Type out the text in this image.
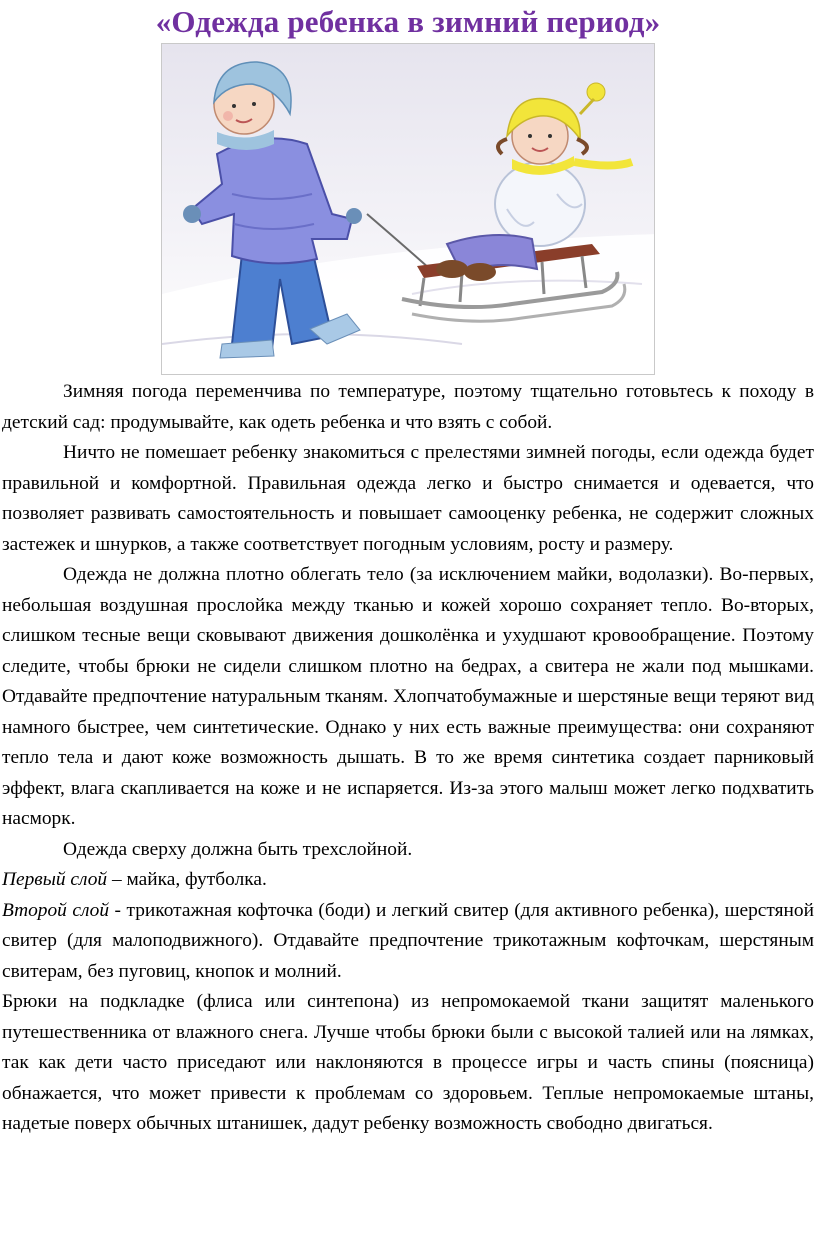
«Одежда ребенка в зимний период»

Зимняя погода переменчива по температуре, поэтому тщательно готовьтесь к походу в детский сад: продумывайте, как одеть ребенка и что взять с собой.

Ничто не помешает ребенку знакомиться с прелестями зимней погоды, если одежда будет правильной и комфортной. Правильная одежда легко и быстро снимается и одевается, что позволяет развивать самостоятельность и повышает самооценку ребенка, не содержит сложных застежек и шнурков, а также соответствует погодным условиям, росту и размеру.

Одежда не должна плотно облегать тело (за исключением майки, водолазки). Во-первых, небольшая воздушная прослойка между тканью и кожей хорошо сохраняет тепло. Во-вторых, слишком тесные вещи сковывают движения дошколёнка и ухудшают кровообращение. Поэтому следите, чтобы брюки не сидели слишком плотно на бедрах, а свитера не жали под мышками. Отдавайте предпочтение натуральным тканям. Хлопчатобумажные и шерстяные вещи теряют вид намного быстрее, чем синтетические. Однако у них есть важные преимущества: они сохраняют тепло тела и дают коже возможность дышать. В то же время синтетика создает парниковый эффект, влага скапливается на коже и не испаряется. Из-за этого малыш может легко подхватить насморк.

Одежда сверху должна быть трехслойной.

Первый слой – майка, футболка.

Второй слой - трикотажная кофточка (боди) и легкий свитер (для активного ребенка), шерстяной свитер (для малоподвижного). Отдавайте предпочтение трикотажным кофточкам, шерстяным свитерам, без пуговиц, кнопок и молний.

Брюки на подкладке (флиса или синтепона) из непромокаемой ткани защитят маленького путешественника от влажного снега. Лучше чтобы брюки были с высокой талией или на лямках, так как дети часто приседают или наклоняются в процессе игры и часть спины (поясница) обнажается, что может привести к проблемам со здоровьем. Теплые непромокаемые штаны, надетые поверх обычных штанишек, дадут ребенку возможность свободно двигаться.
